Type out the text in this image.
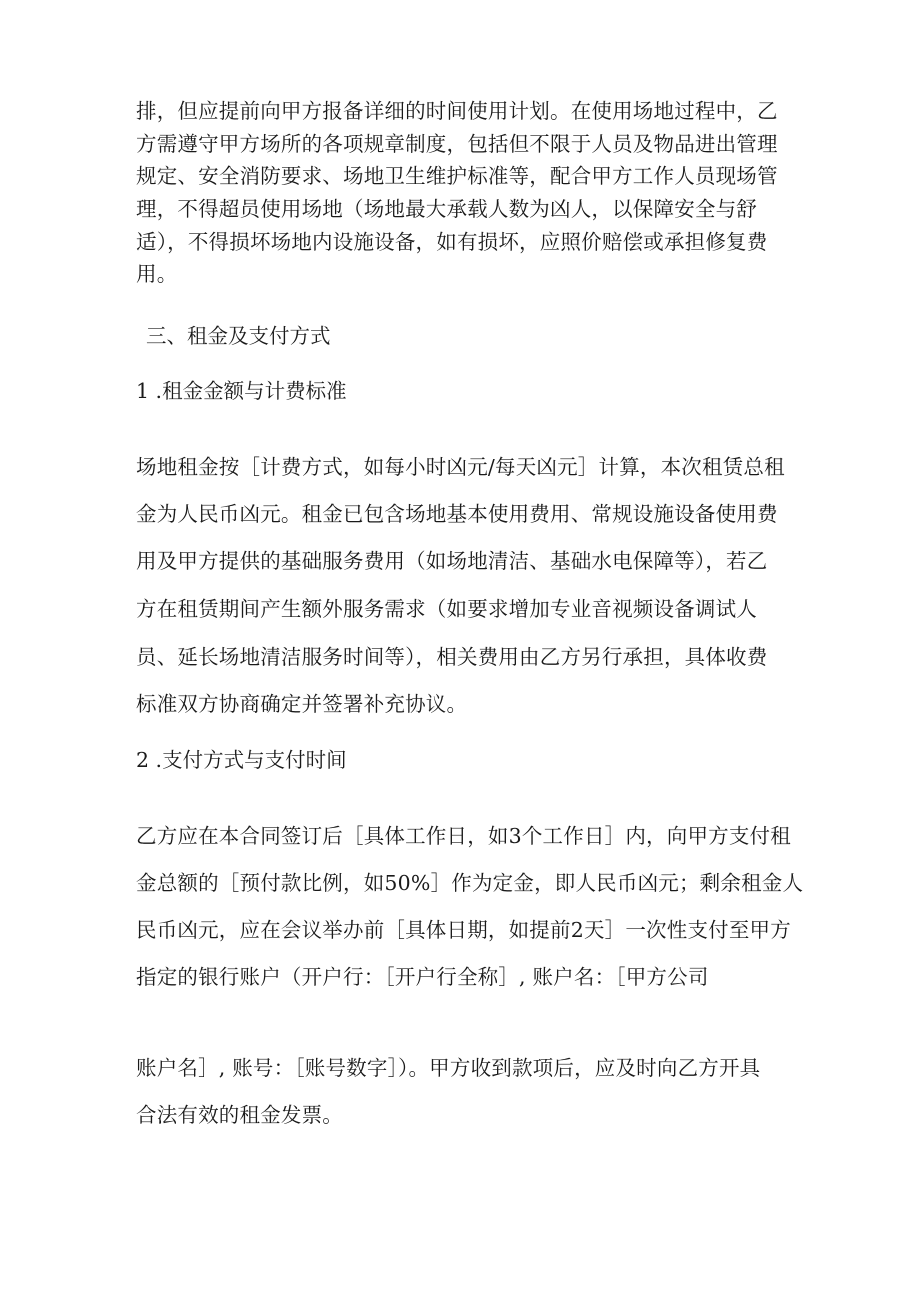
排，但应提前向甲方报备详细的时间使用计划。在使用场地过程中，乙
方需遵守甲方场所的各项规章制度，包括但不限于人员及物品进出管理
规定、安全消防要求、场地卫生维护标准等，配合甲方工作人员现场管
理，不得超员使用场地（场地最大承载人数为凶人，以保障安全与舒
适），不得损坏场地内设施设备，如有损坏，应照价赔偿或承担修复费
用。
三、租金及支付方式
1 .租金金额与计费标准
场地租金按［计费方式，如每小时凶元/每天凶元］计算，本次租赁总租
金为人民币凶元。租金已包含场地基本使用费用、常规设施设备使用费
用及甲方提供的基础服务费用（如场地清洁、基础水电保障等），若乙
方在租赁期间产生额外服务需求（如要求增加专业音视频设备调试人
员、延长场地清洁服务时间等），相关费用由乙方另行承担，具体收费
标准双方协商确定并签署补充协议。
2 .支付方式与支付时间
乙方应在本合同签订后［具体工作日，如3个工作日］内，向甲方支付租
金总额的［预付款比例，如50%］作为定金，即人民币凶元；剩余租金人
民币凶元，应在会议举办前［具体日期，如提前2天］一次性支付至甲方
指定的银行账户（开户行：［开户行全称］, 账户名：［甲方公司
账户名］, 账号：［账号数字］）。甲方收到款项后，应及时向乙方开具
合法有效的租金发票。
